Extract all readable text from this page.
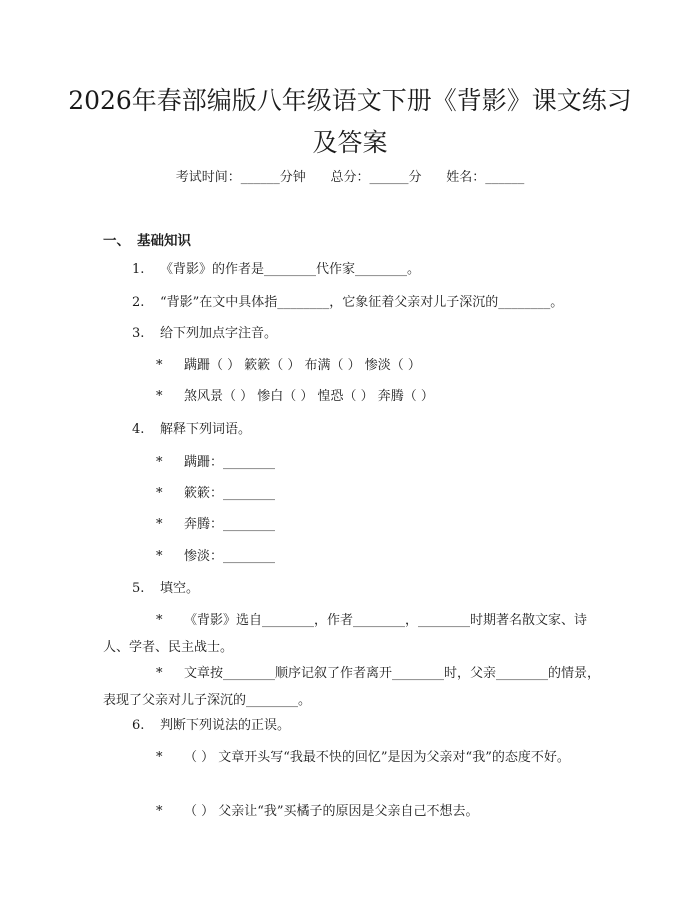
2026年春部编版八年级语文下册《背影》课文练习及答案
考试时间：______分钟      总分：______分      姓名：______
一、 基础知识
1. 《背影》的作者是________代作家________。
2. “背影”在文中具体指________，它象征着父亲对儿子深沉的________。
3. 给下列加点字注音。
* 蹒跚（ ） 簌簌（ ） 布满（ ） 惨淡（ ）
* 煞风景（ ） 惨白（ ） 惶恐（ ） 奔腾（ ）
4. 解释下列词语。
* 蹒跚：________
* 簌簌：________
* 奔腾：________
* 惨淡：________
5. 填空。
* 《背影》选自________，作者________，________时期著名散文家、诗人、学者、民主战士。
* 文章按________顺序记叙了作者离开________时，父亲________的情景，表现了父亲对儿子深沉的________。
6. 判断下列说法的正误。
* （ ） 文章开头写“我最不快的回忆”是因为父亲对“我”的态度不好。
* （ ） 父亲让“我”买橘子的原因是父亲自己不想去。
